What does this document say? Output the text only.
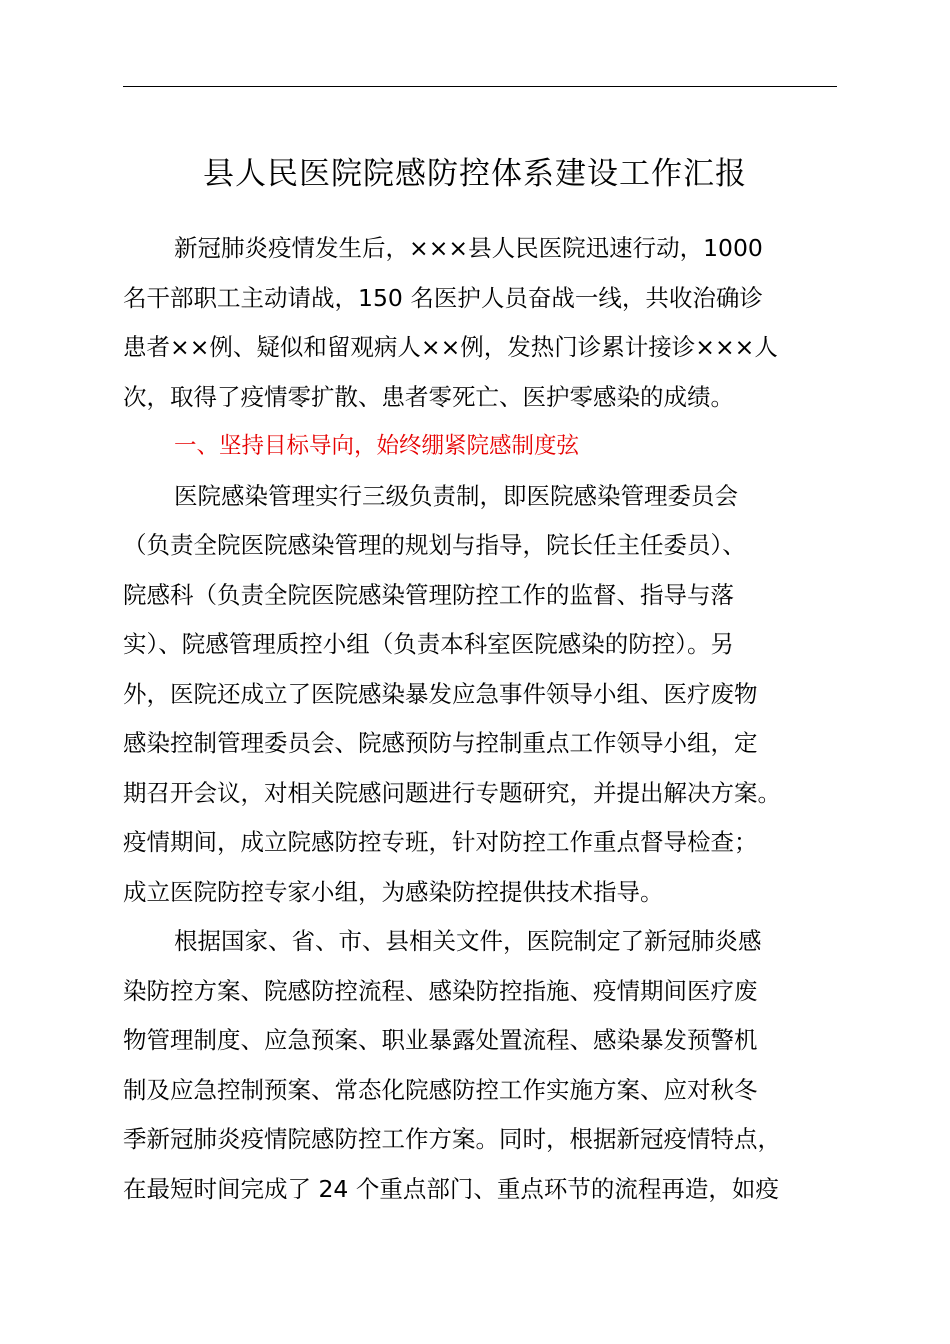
县人民医院院感防控体系建设工作汇报
新冠肺炎疫情发生后，×××县人民医院迅速行动，1000
名干部职工主动请战，150 名医护人员奋战一线，共收治确诊
患者××例、疑似和留观病人××例，发热门诊累计接诊×××人
次，取得了疫情零扩散、患者零死亡、医护零感染的成绩。
一、坚持目标导向，始终绷紧院感制度弦
医院感染管理实行三级负责制，即医院感染管理委员会
（负责全院医院感染管理的规划与指导，院长任主任委员）、
院感科（负责全院医院感染管理防控工作的监督、指导与落
实）、院感管理质控小组（负责本科室医院感染的防控）。另
外，医院还成立了医院感染暴发应急事件领导小组、医疗废物
感染控制管理委员会、院感预防与控制重点工作领导小组，定
期召开会议，对相关院感问题进行专题研究，并提出解决方案。
疫情期间，成立院感防控专班，针对防控工作重点督导检查；
成立医院防控专家小组，为感染防控提供技术指导。
根据国家、省、市、县相关文件，医院制定了新冠肺炎感
染防控方案、院感防控流程、感染防控指施、疫情期间医疗废
物管理制度、应急预案、职业暴露处置流程、感染暴发预警机
制及应急控制预案、常态化院感防控工作实施方案、应对秋冬
季新冠肺炎疫情院感防控工作方案。同时，根据新冠疫情特点，
在最短时间完成了 24 个重点部门、重点环节的流程再造，如疫
